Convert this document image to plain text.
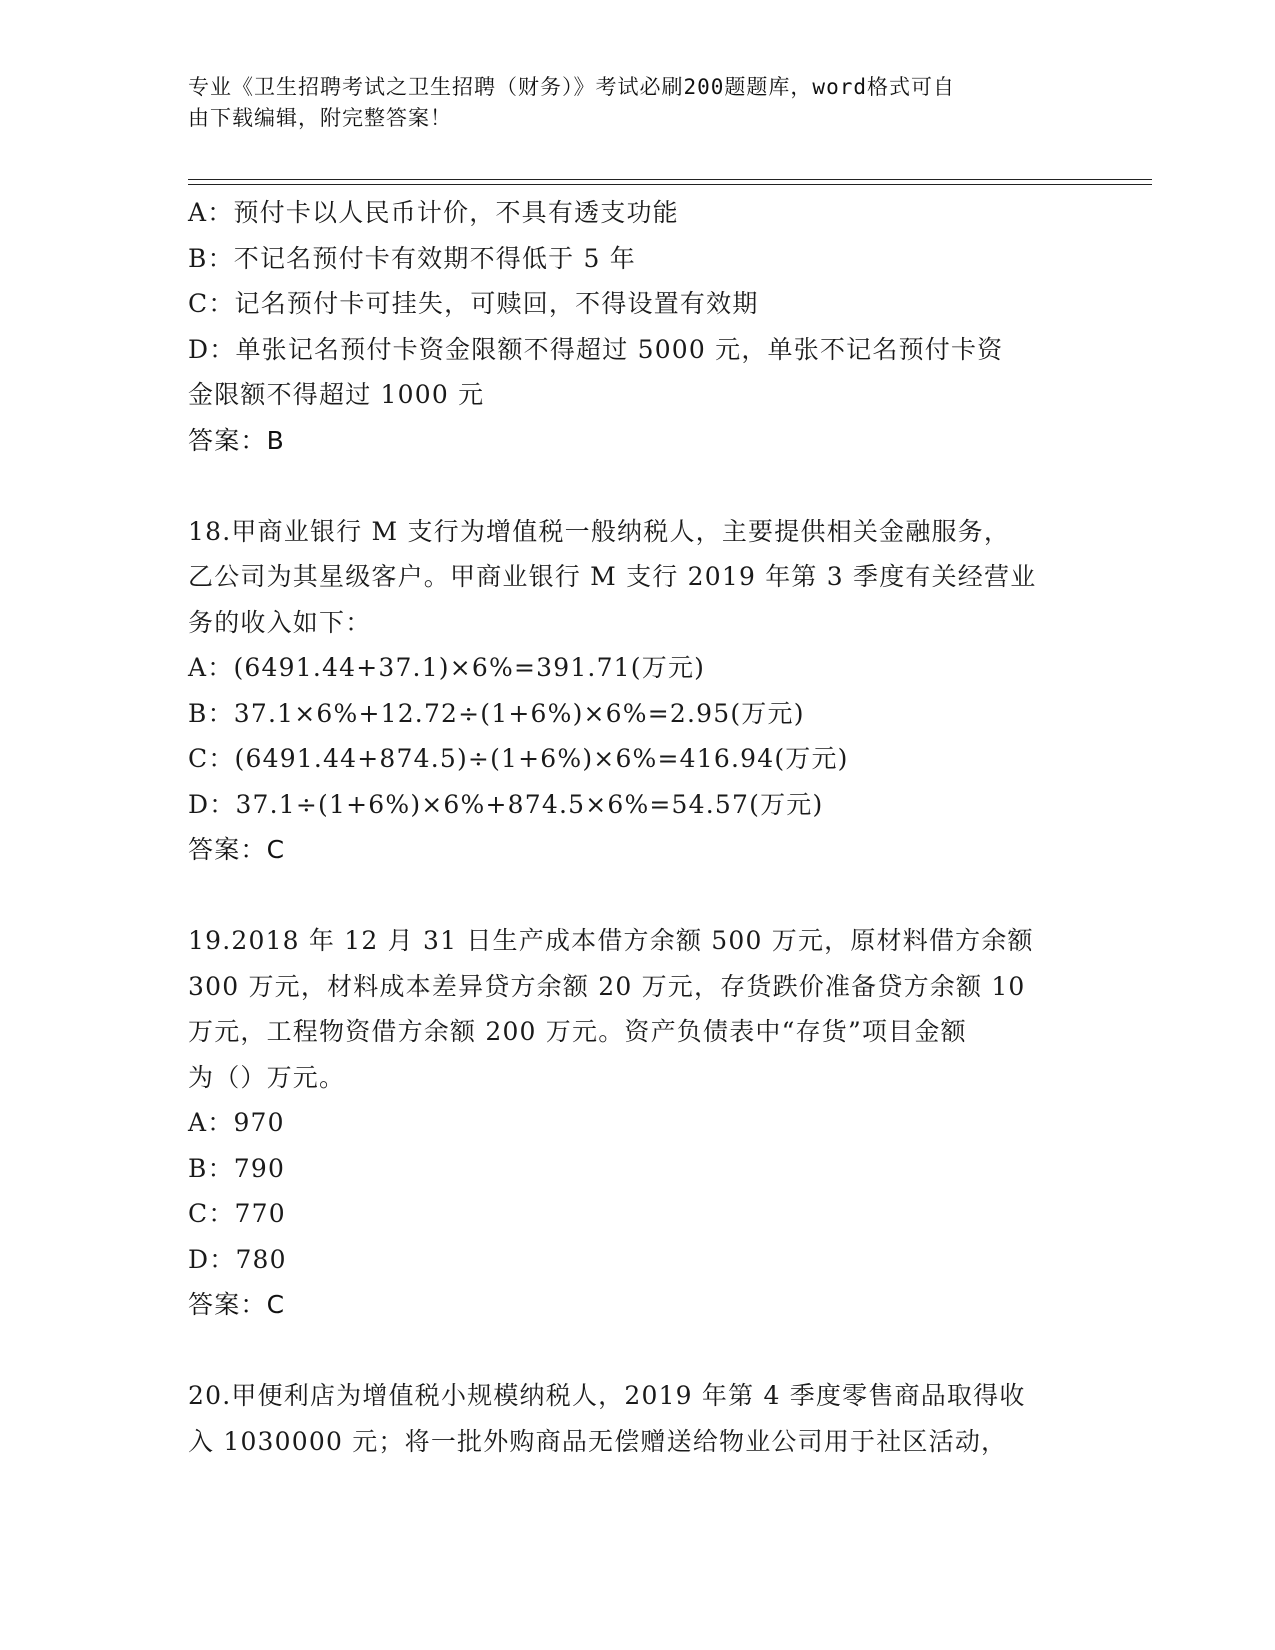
专业《卫生招聘考试之卫生招聘（财务）》考试必刷200题题库，word格式可自
由下载编辑，附完整答案！
A：预付卡以人民币计价，不具有透支功能
B：不记名预付卡有效期不得低于 5 年
C：记名预付卡可挂失，可赎回，不得设置有效期
D：单张记名预付卡资金限额不得超过 5000 元，单张不记名预付卡资
金限额不得超过 1000 元
答案：B
18.甲商业银行 M 支行为增值税一般纳税人，主要提供相关金融服务，
乙公司为其星级客户。甲商业银行 M 支行 2019 年第 3 季度有关经营业
务的收入如下：
A：(6491.44+37.1)×6%=391.71(万元)
B：37.1×6%+12.72÷(1+6%)×6%=2.95(万元)
C：(6491.44+874.5)÷(1+6%)×6%=416.94(万元)
D：37.1÷(1+6%)×6%+874.5×6%=54.57(万元)
答案：C
19.2018 年 12 月 31 日生产成本借方余额 500 万元，原材料借方余额
300 万元，材料成本差异贷方余额 20 万元，存货跌价准备贷方余额 10
万元，工程物资借方余额 200 万元。资产负债表中“存货”项目金额
为（）万元。
A：970
B：790
C：770
D：780
答案：C
20.甲便利店为增值税小规模纳税人，2019 年第 4 季度零售商品取得收
入 1030000 元；将一批外购商品无偿赠送给物业公司用于社区活动，
